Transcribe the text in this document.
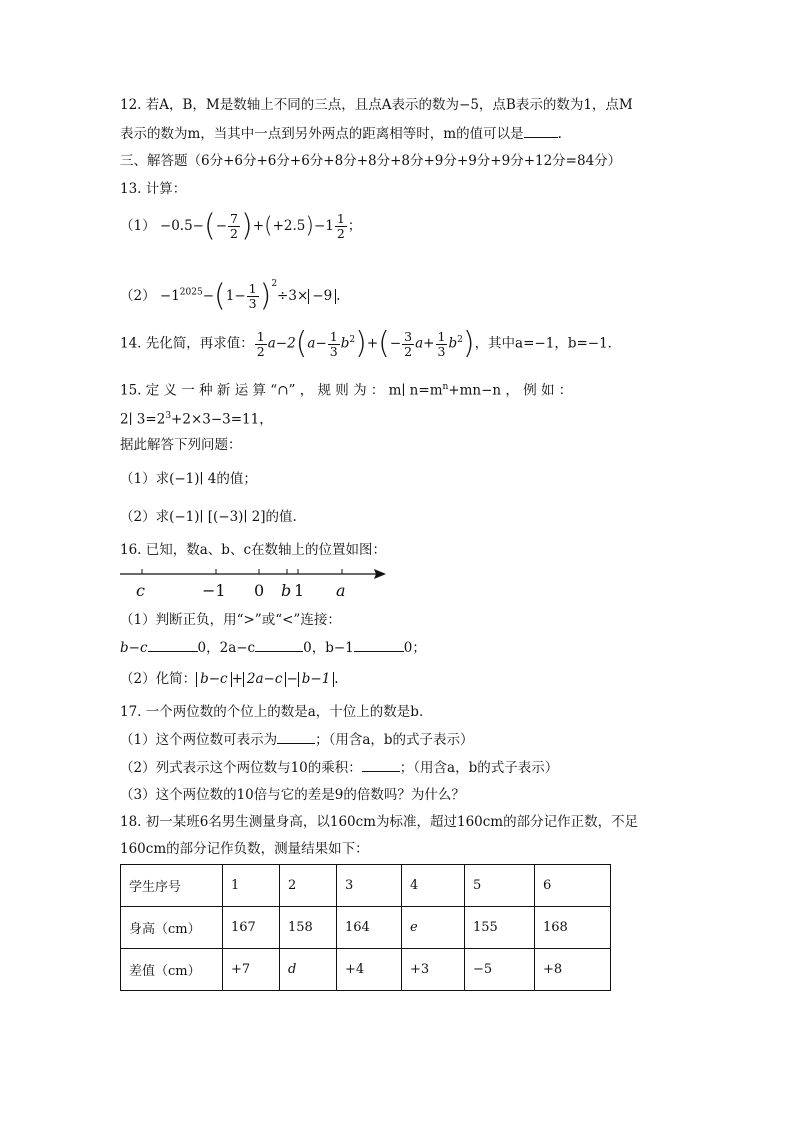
12. 若A，B，M是数轴上不同的三点，且点A表示的数为−5，点B表示的数为1，点M
表示的数为m，当其中一点到另外两点的距离相等时，m的值可以是	.
三、解答题（6分+6分+6分+6分+8分+8分+8分+9分+9分+9分+12分=84分）
13. 计算：
$(1) -0.5-(- \frac{7}{2} )+(+2.5)-1 \frac{1}{2}$ ；
$(2) -1^{2025}-(1- \frac{1}{3} )^2\div 3\times -9$ .
14. 先化简，再求值： $\frac{1}{2} a-2(a- \frac{1}{3} b^2)+(- \frac{3}{2} a+ \frac{1}{3} b^2)$，其中a=−1，b=−1．
15. 定 义 一 种 新 运 算 “∩” ， 规 则 为 ： m∣ $n=m^n+mn-n$ ， 例 如 ：
2∣ $3=2^3+2\times 3-3=11$，
据此解答下列问题：
（1）求(−1)∣ 4的值；
（2）求(−1)∣ [(−3)∣ 2]的值.
16. 已知，数a、b、c在数轴上的位置如图：
c	−1 0 b 1 a
（1）判断正负，用“>”或“<”连接：
b−c	0，2a−c	0，b−1	0；
（2）化简： b−c + 2a−c − b−1 .
17. 一个两位数的个位上的数是a，十位上的数是b．
（1）这个两位数可表示为	；（用含a，b的式子表示）
（2）列式表示这个两位数与10的乘积：	；（用含a，b的式子表示）
（3）这个两位数的10倍与它的差是9的倍数吗？为什么？
18. 初一某班6名男生测量身高，以160cm为标准，超过160cm的部分记作正数，不足
160cm的部分记作负数，测量结果如下：
学生序号	1	2	3	4	5	6
身高（cm）	167	158	164	e	155	168
差值（cm）	+7	d	+4	+3	−5	+8
